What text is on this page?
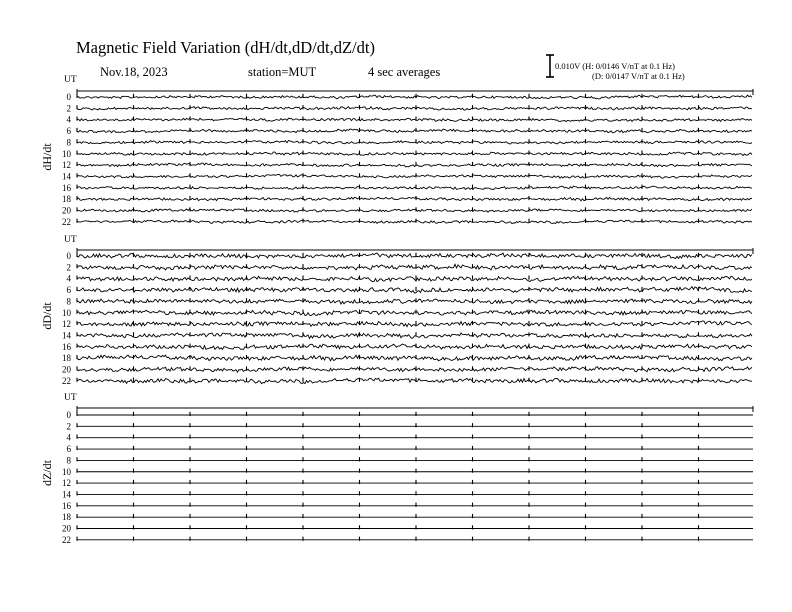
Magnetic Field Variation (dH/dt,dD/dt,dZ/dt)
Nov.18, 2023	station=MUT	4 sec averages	0.010V (H: 0/0146 V/nT at 0.1 Hz)
(D: 0/0147 V/nT at 0.1 Hz)
UT
dH/dt
0
2
4
6
8
10
12
14
16
18
20
22
UT
dD/dt
0
2
4
6
8
10
12
14
16
18
20
22
UT
dZ/dt
0
2
4
6
8
10
12
14
16
18
20
22
